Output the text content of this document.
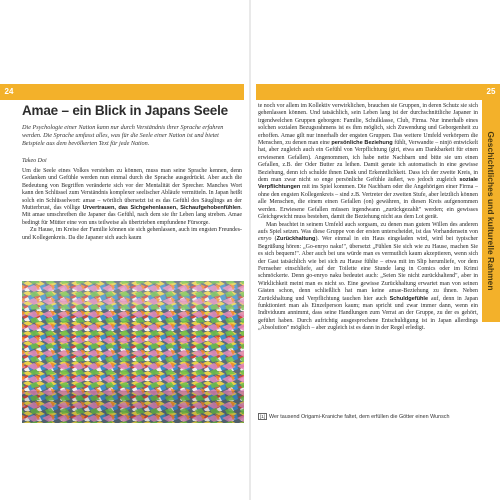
24
Amae – ein Blick in Japans Seele
Die Psychologie einer Nation kann nur durch Verständnis ihrer Sprache erfahren werden. Die Sprache umfasst alles, was für die Seele einer Nation ist und bietet Beispiele aus dem bevölkerten Text für jede Nation.
Takeo Doi

Um die Seele eines Volkes verstehen zu können, muss man seine Sprache kennen, denn Gedanken und Gefühle werden nun einmal durch die Sprache ausgedrückt. Aber auch die Bedeutung von Begriffen veränderte sich vor der Mentalität der Sprecher. Manches Wort kann den Schlüssel zum Verständnis komplexer seelischer Abläufe vermitteln. In Japan heißt solch ein Schlüsselwort: amae – wörtlich übersetzt ist es das Gefühl des Säuglings an der Mutterbrust, das völlige Urvertrauen, das Sichgehenlassen, Sichaufgehobenfühlen. Mit amae umschreiben die Japaner das Gefühl, nach dem sie ihr Leben lang streben. Amae bedingt für Mütter eine von uns teilweise als übertrieben empfundene Fürsorge.

Zu Hause, im Kreise der Familie können sie sich gehenlassen, auch im engsten Freundes- und Kollegenkreis. Da die Japaner sich auch kaum

25
Geschichtliches und kulturelle Rahmen

te noch vor allem im Kollektiv verwirklichen, brauchen sie Gruppen, in deren Schutz sie sich gehenlassen können. Und tatsächlich, sein Leben lang ist der durchschnittliche Japaner in irgendwelchen Gruppen geborgen: Familie, Schulklasse, Club, Firma. Nur innerhalb eines solchen sozialen Bezugsrahmens ist es ihm möglich, sich Zuwendung und Geborgenheit zu erhoffen. Amae gilt nur innerhalb der engsten Gruppen. Das weitere Umfeld verkörpern die Menschen, zu denen man eine persönliche Beziehung fühlt, Verwandte – ninjō entwickelt hat, aber zugleich auch ein Gefühl von Verpflichtung (giri, etwa am Dankbarkeit für einen erwiesenen Gefallen). Angenommen, ich habe nette Nachbarn und bitte sie um einen Gefallen, z.B. der Oder Butter zu leihen. Damit gerate ich automatisch in eine gewisse Beziehung, denn ich schulde ihnen Dank und Erkenntlichkeit. Dass ich der zweite Kreis, in dem man zwar nicht so enge persönliche Gefühle äußert, wo jedoch zugleich soziale Verpflichtungen mit ins Spiel kommen. Die Nachbarn oder die Angehörigen einer Firma – ohne den engsten Kollegenkreis – sind z.B. Vertreter der zweiten Stufe, aber letztlich können alle Menschen, die einem einen Gefallen (on) gewähren, in diesen Kreis aufgenommen werden. Erwiesene Gefallen müssen irgendwann „zurückgezahlt" werden; ein gewisses Gleichgewicht muss bestehen, damit die Beziehung nicht aus dem Lot gerät.

Man beachtet in seinem Umfeld auch sorgsam, zu denen man gutem Willen des anderen aufs Spiel setzen. Was diese Gruppe von der ersten unterscheidet, ist das Vorhandensein von enryo (Zurückhaltung). Wer einmal in ein Haus eingeladen wird, wird bei typischer Begrüßung hören: „Go-enryo naku!", übersetzt „Fühlen Sie sich wie zu Hause, machen Sie es sich bequem!". Aber auch bei uns würde man es vermutlich kaum akzeptieren, wenn sich der Gast tatsächlich wie bei sich zu Hause fühlte – etwa mit im Slip herumliefe, vor dem Fernseher einschliefe, auf der Toilette eine Stunde lang in Comics oder im Krimi schmöckerte. Denn go-enryo naku bedeutet auch: „Seien Sie nicht zurückhaltend", aber in Wirklichkeit meint man es nicht so. Eine gewisse Zurückhaltung erwartet man von seinen Gästen schon, denn schließlich hat man keine amae-Beziehung zu ihnen. Neben Zurückhaltung und Verpflichtung tauchen hier auch Schuldgefühle auf, denn in Japan funktioniert man als Einzelperson kaum; man spricht und zwar immer dann, wenn ein Individuum annimmt, dass seine Handlungen zum Verrat an der Gruppe, zu der es gehört, geführt haben. Durch aufrichtig ausgesprochene Entschuldigung ist in Japan allerdings „Absolution" möglich – aber zugleich ist es dann in der Regel erledigt.

[1] Wer tausend Origami-Kraniche faltet, dem erfüllen die Götter einen Wunsch
